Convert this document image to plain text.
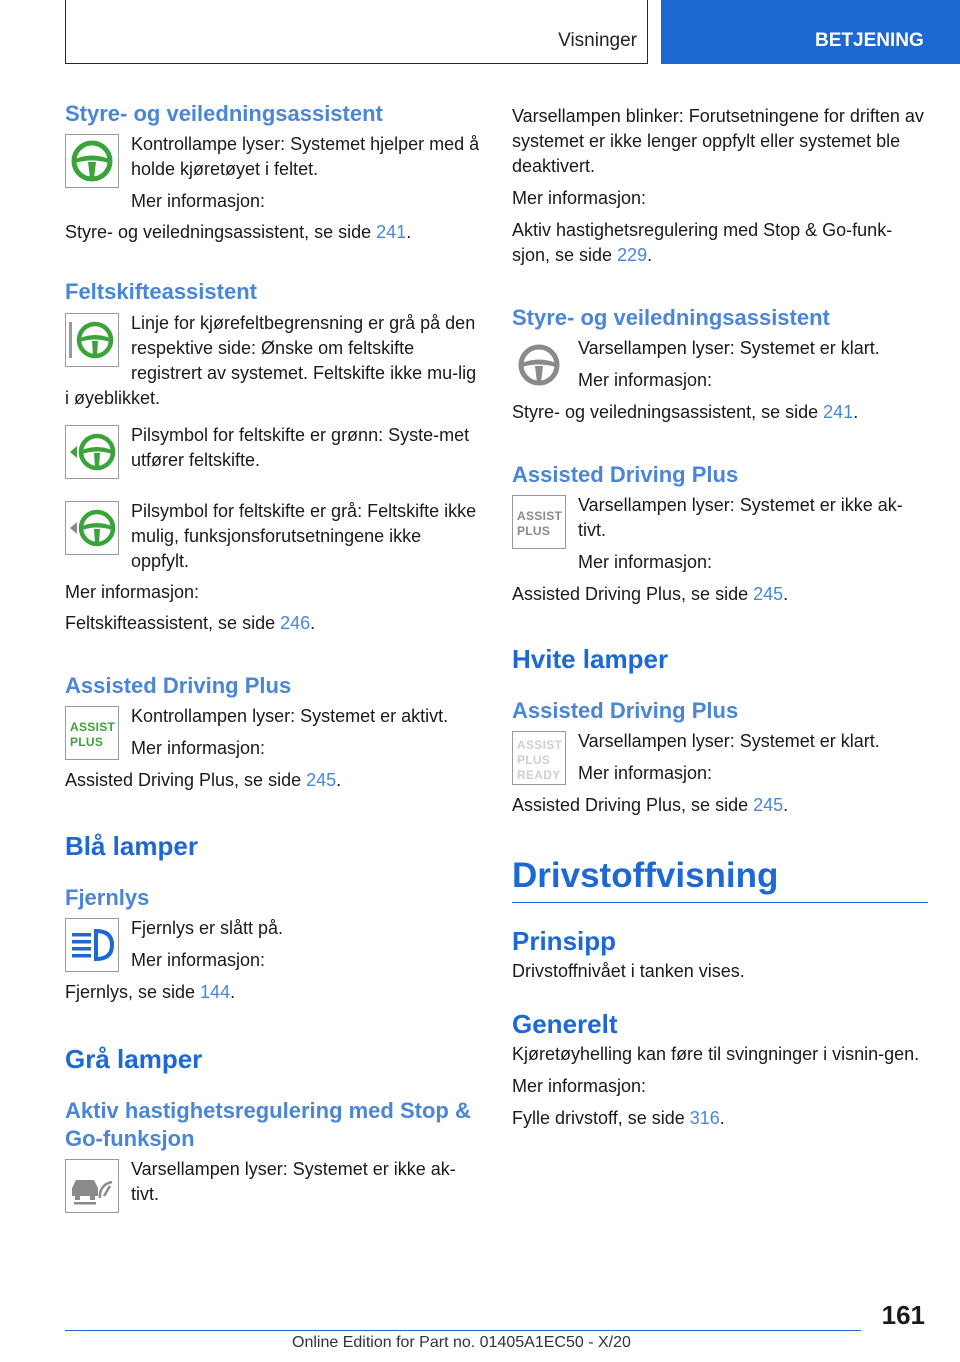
Visninger	BETJENING
Styre- og veiledningsassistent

Kontrollampe lyser: Systemet hjelper med å holde kjøretøyet i feltet.

Mer informasjon:

Styre- og veiledningsassistent, se side 241.

Feltskifteassistent

Linje for kjørefeltbegrensning er grå på den respektive side: Ønske om feltskifte registrert av systemet. Feltskifte ikke mu‐lig i øyeblikket.

Pilsymbol for feltskifte er grønn: Syste‐met utfører feltskifte.

Pilsymbol for feltskifte er grå: Feltskifte ikke mulig, funksjonsforutsetningene ikke oppfylt.

Mer informasjon:

Feltskifteassistent, se side 246.

Assisted Driving Plus
ASSIST
PLUS

Kontrollampen lyser: Systemet er aktivt.

Mer informasjon:

Assisted Driving Plus, se side 245.

Blå lamper
Fjernlys

Fjernlys er slått på.

Mer informasjon:

Fjernlys, se side 144.

Grå lamper
Aktiv hastighetsregulering med Stop & Go-funksjon

Varsellampen lyser: Systemet er ikke ak‐tivt.

Varsellampen blinker: Forutsetningene for driften av systemet er ikke lenger oppfylt eller systemet ble deaktivert.

Mer informasjon:

Aktiv hastighetsregulering med Stop & Go-funk‐sjon, se side 229.

Styre- og veiledningsassistent

Varsellampen lyser: Systemet er klart.

Mer informasjon:

Styre- og veiledningsassistent, se side 241.

Assisted Driving Plus
ASSIST
PLUS

Varsellampen lyser: Systemet er ikke ak‐tivt.

Mer informasjon:

Assisted Driving Plus, se side 245.

Hvite lamper
Assisted Driving Plus
ASSIST
PLUS
READY

Varsellampen lyser: Systemet er klart.

Mer informasjon:

Assisted Driving Plus, se side 245.

Drivstoffvisning
Prinsipp

Drivstoffnivået i tanken vises.

Generelt

Kjøretøyhelling kan føre til svingninger i visnin‐gen.

Mer informasjon:

Fylle drivstoff, se side 316.

161
Online Edition for Part no. 01405A1EC50 - X/20
